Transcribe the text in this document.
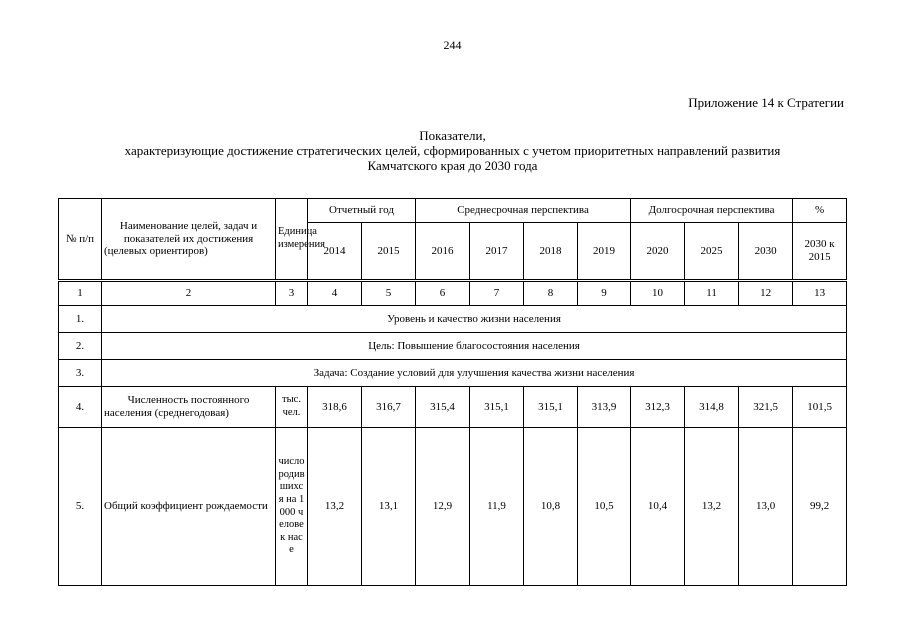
244
Приложение 14 к Стратегии
Показатели,
характеризующие достижение стратегических целей, сформированных с учетом приоритетных направлений развития
Камчатского края до 2030 года
№ п/п	Наименование целей, задач и показателей их достижения (целевых ориентиров)	Единица измерения	Отчетный год		Среднесрочная перспектива				Долгосрочная перспектива			%
			2014	2015	2016	2017	2018	2019	2020	2025	2030	2030 к 2015
1	2	3	4	5	6	7	8	9	10	11	12	13
1.	Уровень и качество жизни населения											
2.	Цель: Повышение благосостояния населения											
3.	Задача: Создание условий для улучшения качества жизни населения											
4.	Численность постоянного населения (среднегодовая)	тыс. чел.	318,6	316,7	315,4	315,1	315,1	313,9	312,3	314,8	321,5	101,5
5.	Общий коэффициент рождаемости	число родившихся на 1000 человек насе	13,2	13,1	12,9	11,9	10,8	10,5	10,4	13,2	13,0	99,2
